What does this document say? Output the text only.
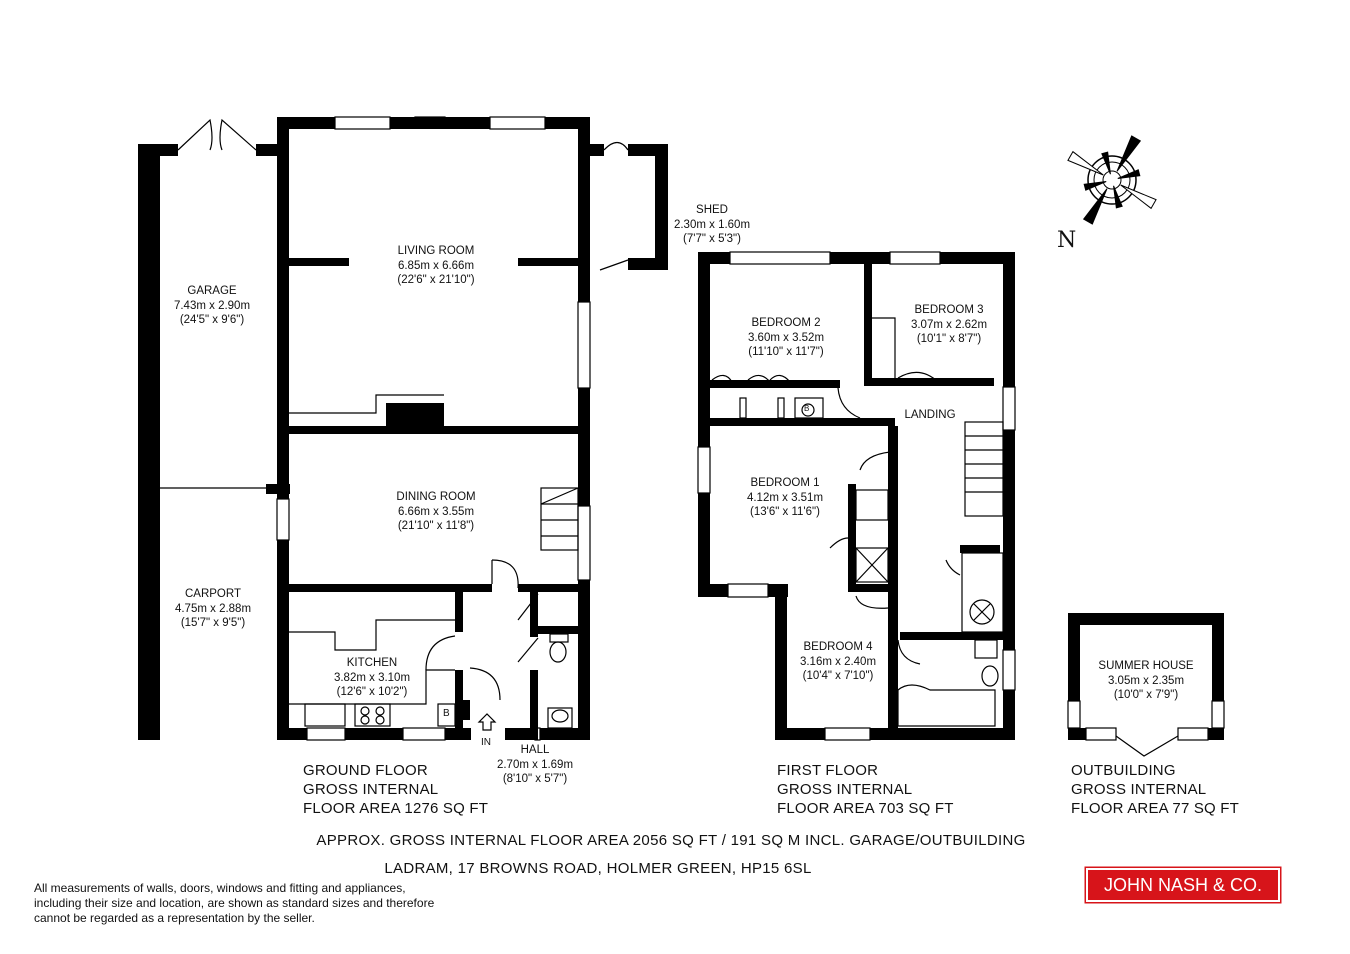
N
GARAGE
7.43m x 2.90m
(24'5" x 9'6")
LIVING ROOM
6.85m x 6.66m
(22'6" x 21'10")
SHED
2.30m x 1.60m
(7'7" x 5'3")
DINING ROOM
6.66m x 3.55m
(21'10" x 11'8")
CARPORT
4.75m x 2.88m
(15'7" x 9'5")
KITCHEN
3.82m x 3.10m
(12'6" x 10'2")
HALL
2.70m x 1.69m
(8'10" x 5'7")
BEDROOM 2
3.60m x 3.52m
(11'10" x 11'7")
BEDROOM 3
3.07m x 2.62m
(10'1" x 8'7")
LANDING
BEDROOM 1
4.12m x 3.51m
(13'6" x 11'6")
BEDROOM 4
3.16m x 2.40m
(10'4" x 7'10")
SUMMER HOUSE
3.05m x 2.35m
(10'0" x 7'9")
IN
B
B
GROUND FLOOR
GROSS INTERNAL
FLOOR AREA 1276 SQ FT
FIRST FLOOR
GROSS INTERNAL
FLOOR AREA 703 SQ FT
OUTBUILDING
GROSS INTERNAL
FLOOR AREA 77 SQ FT
APPROX. GROSS INTERNAL FLOOR AREA 2056 SQ FT / 191 SQ M INCL. GARAGE/OUTBUILDING
LADRAM, 17 BROWNS ROAD, HOLMER GREEN, HP15 6SL
All measurements of walls, doors, windows and fitting and appliances,
including their size and location, are shown as standard sizes and therefore
cannot be regarded as a representation by the seller.
JOHN NASH & CO.
